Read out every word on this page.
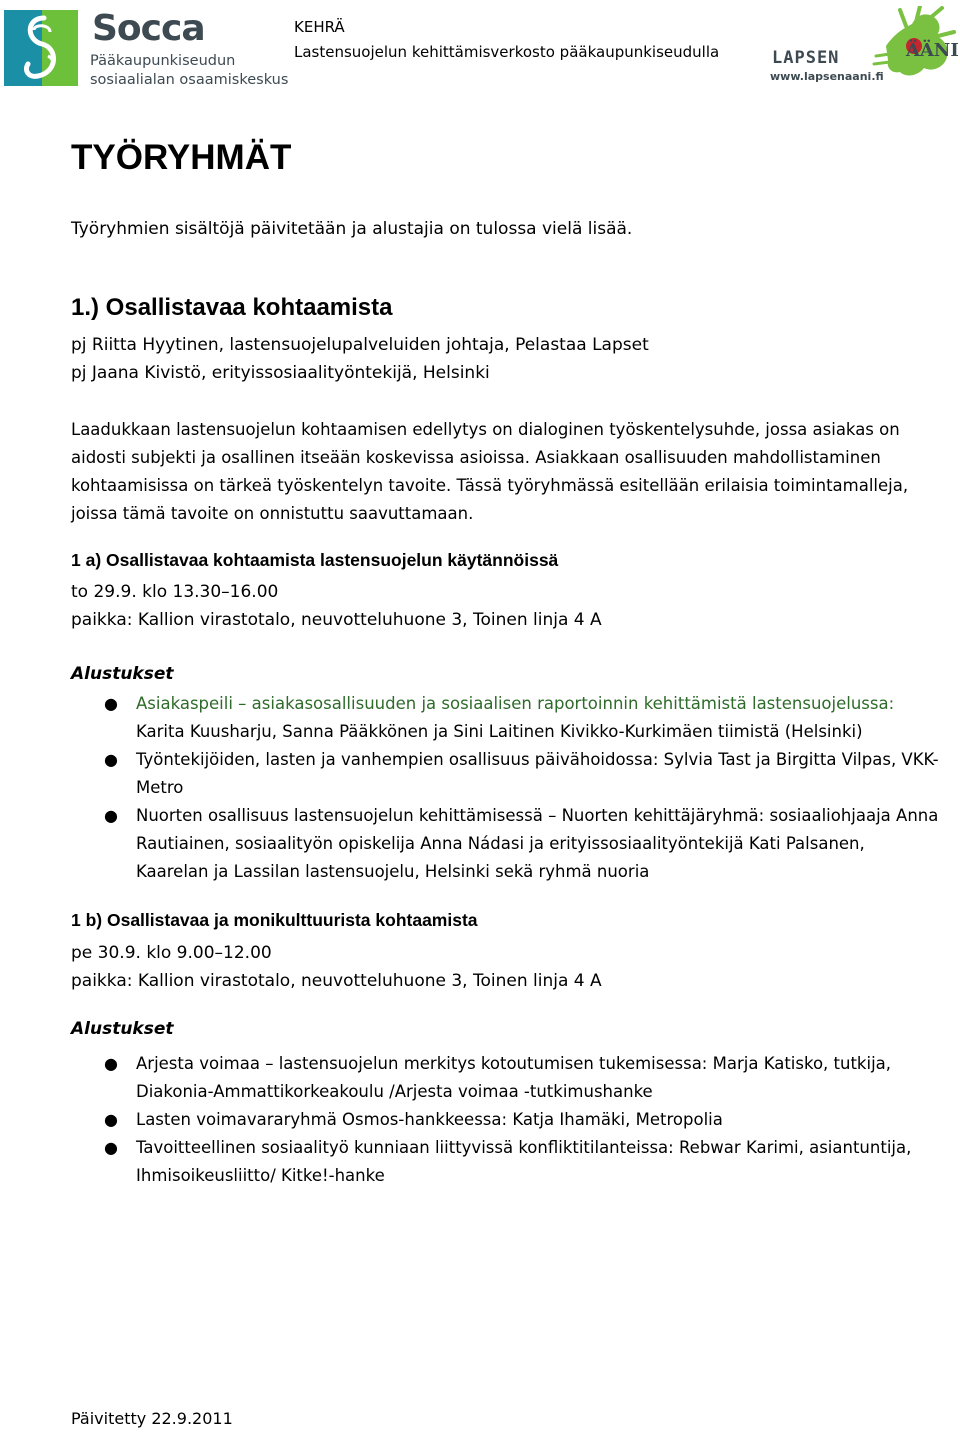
Socca
Pääkaupunkiseudun
sosiaalialan osaamiskeskus
KEHRÄ
Lastensuojelun kehittämisverkosto pääkaupunkiseudulla	LAPSEN	ÄÄNI
www.lapsenaani.fi
TYÖRYHMÄT
Työryhmien sisältöjä päivitetään ja alustajia on tulossa vielä lisää.
1.) Osallistavaa kohtaamista
pj Riitta Hyytinen, lastensuojelupalveluiden johtaja, Pelastaa Lapset
pj Jaana Kivistö, erityissosiaalityöntekijä, Helsinki
Laadukkaan lastensuojelun kohtaamisen edellytys on dialoginen työskentelysuhde, jossa asiakas on aidosti subjekti ja osallinen itseään koskevissa asioissa. Asiakkaan osallisuuden mahdollistaminen kohtaamisissa on tärkeä työskentelyn tavoite. Tässä työryhmässä esitellään erilaisia toimintamalleja, joissa tämä tavoite on onnistuttu saavuttamaan.
1 a) Osallistavaa kohtaamista lastensuojelun käytännöissä
to 29.9. klo 13.30–16.00
paikka: Kallion virastotalo, neuvotteluhuone 3, Toinen linja 4 A
Alustukset
● Asiakaspeili – asiakasosallisuuden ja sosiaalisen raportoinnin kehittämistä lastensuojelussa: Karita Kuusharju, Sanna Pääkkönen ja Sini Laitinen Kivikko-Kurkimäen tiimistä (Helsinki)
● Työntekijöiden, lasten ja vanhempien osallisuus päivähoidossa: Sylvia Tast ja Birgitta Vilpas, VKK-Metro
● Nuorten osallisuus lastensuojelun kehittämisessä – Nuorten kehittäjäryhmä: sosiaaliohjaaja Anna Rautiainen, sosiaalityön opiskelija Anna Nádasi ja erityissosiaalityöntekijä Kati Palsanen, Kaarelan ja Lassilan lastensuojelu, Helsinki sekä ryhmä nuoria
1 b) Osallistavaa ja monikulttuurista kohtaamista
pe 30.9. klo 9.00–12.00
paikka: Kallion virastotalo, neuvotteluhuone 3, Toinen linja 4 A
Alustukset
● Arjesta voimaa – lastensuojelun merkitys kotoutumisen tukemisessa: Marja Katisko, tutkija, Diakonia-Ammattikorkeakoulu /Arjesta voimaa -tutkimushanke
● Lasten voimavararyhmä Osmos-hankkeessa: Katja Ihamäki, Metropolia
● Tavoitteellinen sosiaalityö kunniaan liittyvissä konfliktitilanteissa: Rebwar Karimi, asiantuntija, Ihmisoikeusliitto/ Kitke!-hanke
Päivitetty 22.9.2011
